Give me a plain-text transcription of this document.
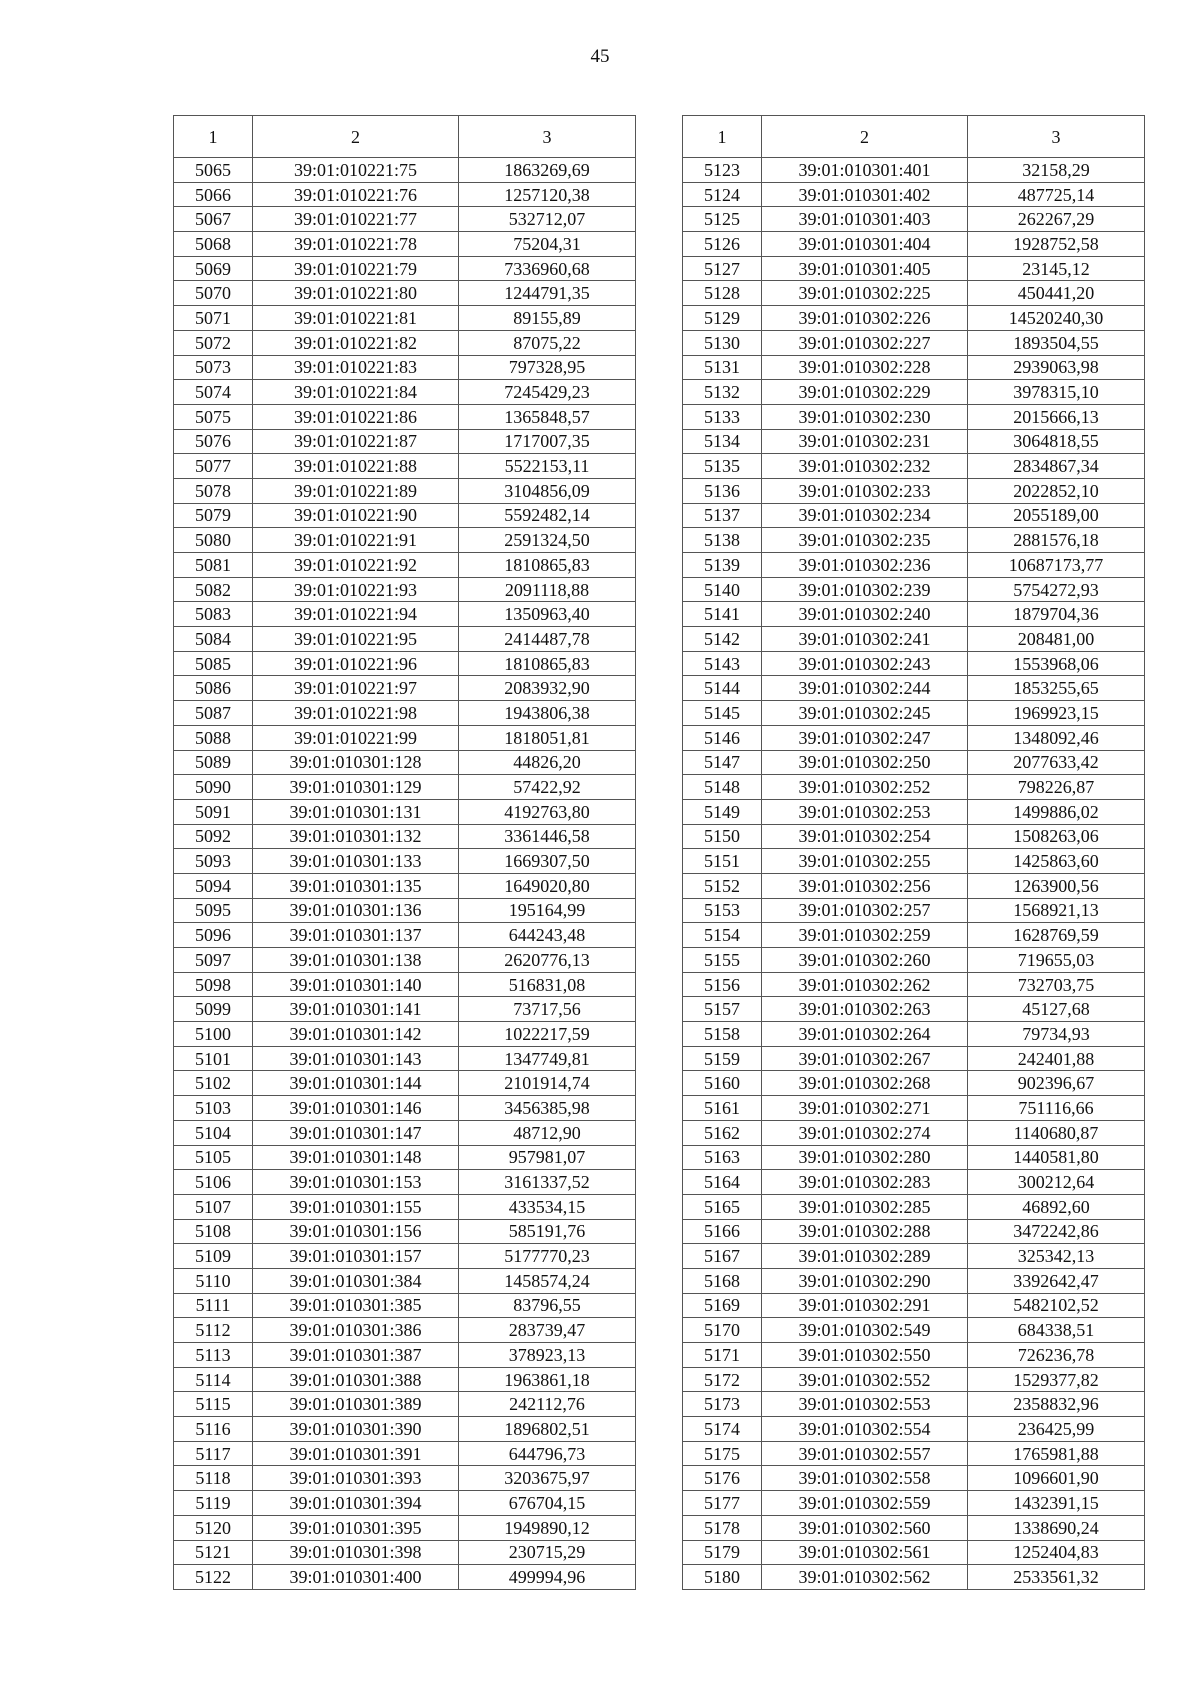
45
1	2	3
5065	39:01:010221:75	1863269,69
5066	39:01:010221:76	1257120,38
5067	39:01:010221:77	532712,07
5068	39:01:010221:78	75204,31
5069	39:01:010221:79	7336960,68
5070	39:01:010221:80	1244791,35
5071	39:01:010221:81	89155,89
5072	39:01:010221:82	87075,22
5073	39:01:010221:83	797328,95
5074	39:01:010221:84	7245429,23
5075	39:01:010221:86	1365848,57
5076	39:01:010221:87	1717007,35
5077	39:01:010221:88	5522153,11
5078	39:01:010221:89	3104856,09
5079	39:01:010221:90	5592482,14
5080	39:01:010221:91	2591324,50
5081	39:01:010221:92	1810865,83
5082	39:01:010221:93	2091118,88
5083	39:01:010221:94	1350963,40
5084	39:01:010221:95	2414487,78
5085	39:01:010221:96	1810865,83
5086	39:01:010221:97	2083932,90
5087	39:01:010221:98	1943806,38
5088	39:01:010221:99	1818051,81
5089	39:01:010301:128	44826,20
5090	39:01:010301:129	57422,92
5091	39:01:010301:131	4192763,80
5092	39:01:010301:132	3361446,58
5093	39:01:010301:133	1669307,50
5094	39:01:010301:135	1649020,80
5095	39:01:010301:136	195164,99
5096	39:01:010301:137	644243,48
5097	39:01:010301:138	2620776,13
5098	39:01:010301:140	516831,08
5099	39:01:010301:141	73717,56
5100	39:01:010301:142	1022217,59
5101	39:01:010301:143	1347749,81
5102	39:01:010301:144	2101914,74
5103	39:01:010301:146	3456385,98
5104	39:01:010301:147	48712,90
5105	39:01:010301:148	957981,07
5106	39:01:010301:153	3161337,52
5107	39:01:010301:155	433534,15
5108	39:01:010301:156	585191,76
5109	39:01:010301:157	5177770,23
5110	39:01:010301:384	1458574,24
5111	39:01:010301:385	83796,55
5112	39:01:010301:386	283739,47
5113	39:01:010301:387	378923,13
5114	39:01:010301:388	1963861,18
5115	39:01:010301:389	242112,76
5116	39:01:010301:390	1896802,51
5117	39:01:010301:391	644796,73
5118	39:01:010301:393	3203675,97
5119	39:01:010301:394	676704,15
5120	39:01:010301:395	1949890,12
5121	39:01:010301:398	230715,29
5122	39:01:010301:400	499994,96
1	2	3
5123	39:01:010301:401	32158,29
5124	39:01:010301:402	487725,14
5125	39:01:010301:403	262267,29
5126	39:01:010301:404	1928752,58
5127	39:01:010301:405	23145,12
5128	39:01:010302:225	450441,20
5129	39:01:010302:226	14520240,30
5130	39:01:010302:227	1893504,55
5131	39:01:010302:228	2939063,98
5132	39:01:010302:229	3978315,10
5133	39:01:010302:230	2015666,13
5134	39:01:010302:231	3064818,55
5135	39:01:010302:232	2834867,34
5136	39:01:010302:233	2022852,10
5137	39:01:010302:234	2055189,00
5138	39:01:010302:235	2881576,18
5139	39:01:010302:236	10687173,77
5140	39:01:010302:239	5754272,93
5141	39:01:010302:240	1879704,36
5142	39:01:010302:241	208481,00
5143	39:01:010302:243	1553968,06
5144	39:01:010302:244	1853255,65
5145	39:01:010302:245	1969923,15
5146	39:01:010302:247	1348092,46
5147	39:01:010302:250	2077633,42
5148	39:01:010302:252	798226,87
5149	39:01:010302:253	1499886,02
5150	39:01:010302:254	1508263,06
5151	39:01:010302:255	1425863,60
5152	39:01:010302:256	1263900,56
5153	39:01:010302:257	1568921,13
5154	39:01:010302:259	1628769,59
5155	39:01:010302:260	719655,03
5156	39:01:010302:262	732703,75
5157	39:01:010302:263	45127,68
5158	39:01:010302:264	79734,93
5159	39:01:010302:267	242401,88
5160	39:01:010302:268	902396,67
5161	39:01:010302:271	751116,66
5162	39:01:010302:274	1140680,87
5163	39:01:010302:280	1440581,80
5164	39:01:010302:283	300212,64
5165	39:01:010302:285	46892,60
5166	39:01:010302:288	3472242,86
5167	39:01:010302:289	325342,13
5168	39:01:010302:290	3392642,47
5169	39:01:010302:291	5482102,52
5170	39:01:010302:549	684338,51
5171	39:01:010302:550	726236,78
5172	39:01:010302:552	1529377,82
5173	39:01:010302:553	2358832,96
5174	39:01:010302:554	236425,99
5175	39:01:010302:557	1765981,88
5176	39:01:010302:558	1096601,90
5177	39:01:010302:559	1432391,15
5178	39:01:010302:560	1338690,24
5179	39:01:010302:561	1252404,83
5180	39:01:010302:562	2533561,32
